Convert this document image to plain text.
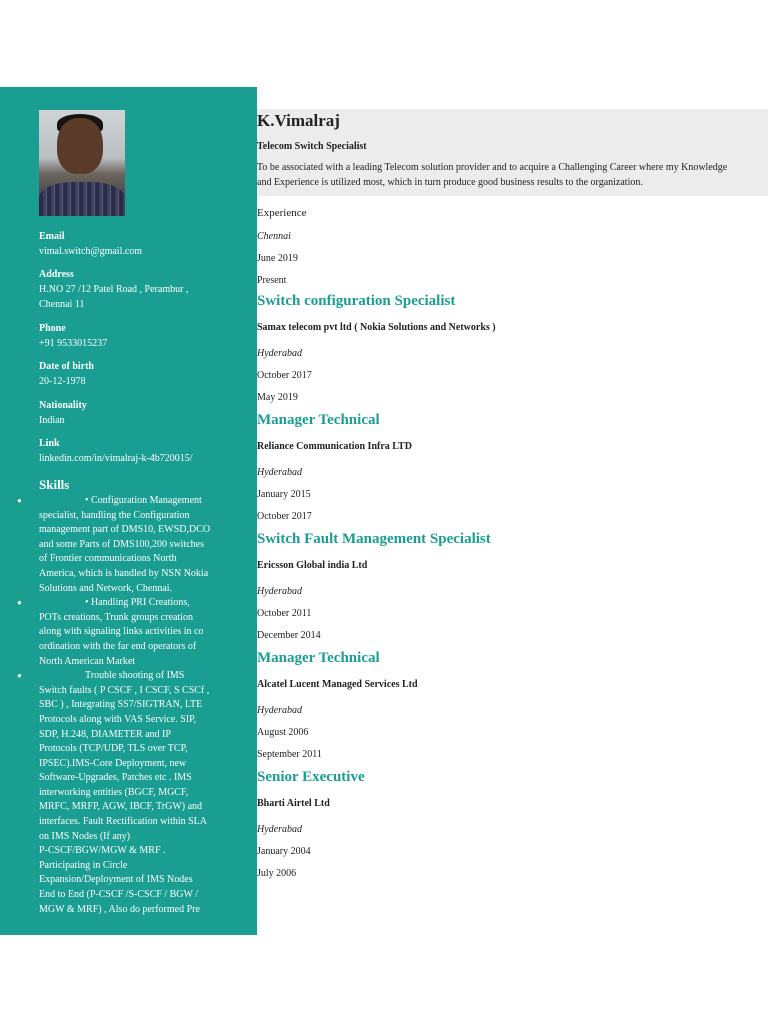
Email
vimal.switch@gmail.com
Address
H.NO 27 /12 Patel Road , Perambur ,
Chennai 11
Phone
+91 9533015237
Date of birth
20-12-1978
Nationality
Indian
Link
linkedin.com/in/vimalraj-k-4b720015/
Skills
● • Configuration Management
specialist, handling the Configuration
management part of DMS10, EWSD,DCO
and some Parts of DMS100,200 switches
of Frontier communications North
America, which is handled by NSN Nokia
Solutions and Network, Chennai.
● • Handling PRI Creations,
POTs creations, Trunk groups creation
along with signaling links activities in co
ordination with the far end operators of
North American Market
● Trouble shooting of IMS
Switch faults ( P CSCF , I CSCF, S CSCf ,
SBC ) , Integrating SS7/SIGTRAN, LTE
Protocols along with VAS Service. SIP,
SDP, H.248, DIAMETER and IP
Protocols (TCP/UDP, TLS over TCP,
IPSEC).IMS-Core Deployment, new
Software-Upgrades, Patches etc . IMS
interworking entities (BGCF, MGCF,
MRFC, MRFP, AGW, IBCF, TrGW) and
interfaces. Fault Rectification within SLA
on IMS Nodes (If any)
P-CSCF/BGW/MGW & MRF .
Participating in Circle
Expansion/Deployment of IMS Nodes
End to End (P-CSCF /S-CSCF / BGW /
MGW & MRF) , Also do performed Pre
K.Vimalraj
Telecom Switch Specialist
To be associated with a leading Telecom solution provider and to acquire a Challenging Career where my Knowledge
and Experience is utilized most, which in turn produce good business results to the organization.
Experience
Chennai
June 2019
Present
Switch configuration Specialist
Samax telecom pvt ltd ( Nokia Solutions and Networks )
Hyderabad
October 2017
May 2019
Manager Technical
Reliance Communication Infra LTD
Hyderabad
January 2015
October 2017
Switch Fault Management Specialist
Ericsson Global india Ltd
Hyderabad
October 2011
December 2014
Manager Technical
Alcatel Lucent Managed Services Ltd
Hyderabad
August 2006
September 2011
Senior Executive
Bharti Airtel Ltd
Hyderabad
January 2004
July 2006
